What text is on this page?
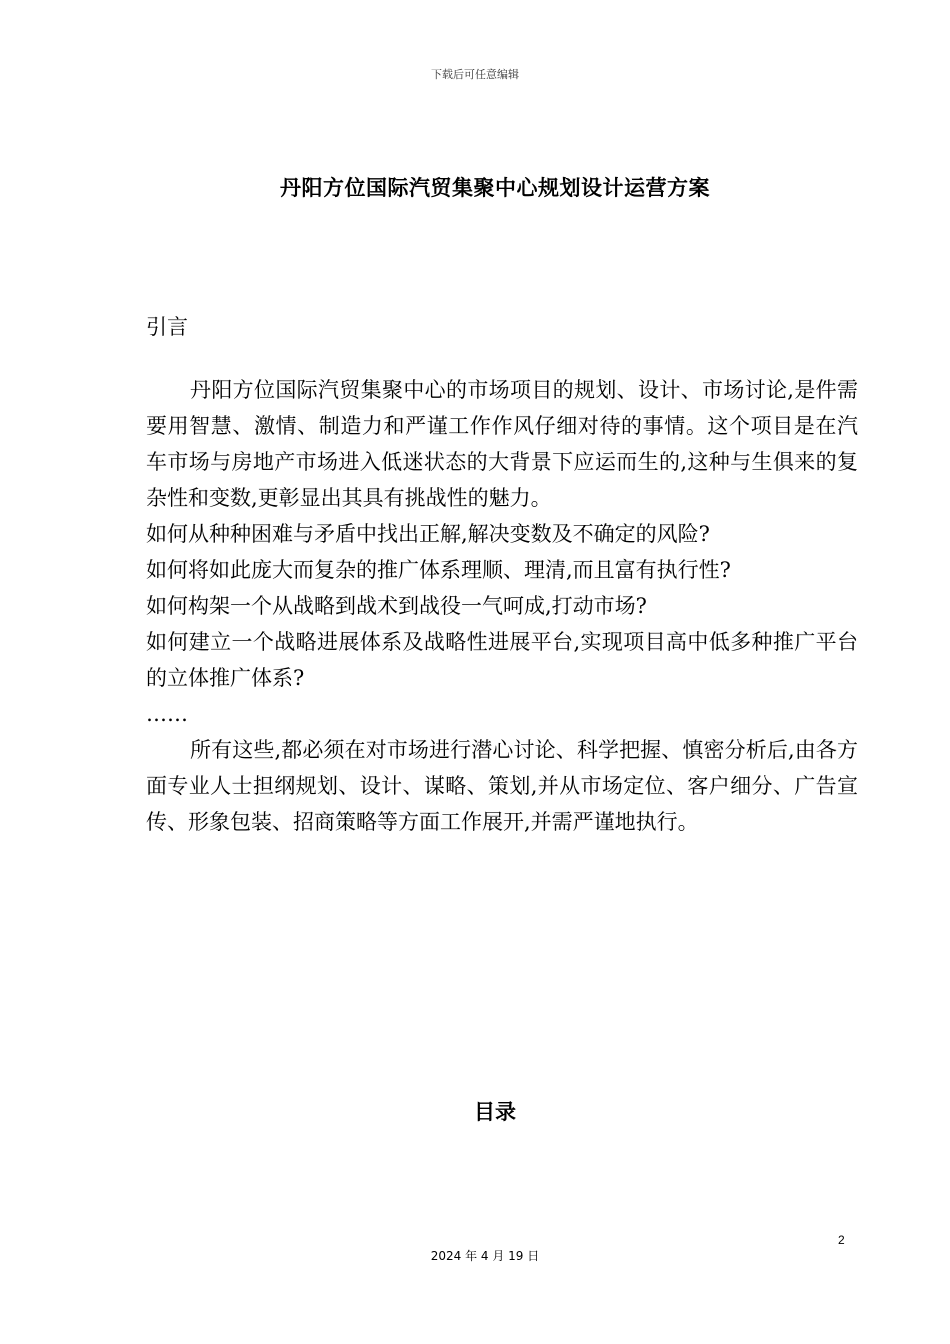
下载后可任意编辑
丹阳方位国际汽贸集聚中心规划设计运营方案
引言

丹阳方位国际汽贸集聚中心的市场项目的规划、设计、市场讨论,是件需要用智慧、激情、制造力和严谨工作作风仔细对待的事情。这个项目是在汽车市场与房地产市场进入低迷状态的大背景下应运而生的,这种与生俱来的复杂性和变数,更彰显出其具有挑战性的魅力。

如何从种种困难与矛盾中找出正解,解决变数及不确定的风险?

如何将如此庞大而复杂的推广体系理顺、理清,而且富有执行性?

如何构架一个从战略到战术到战役一气呵成,打动市场?

如何建立一个战略进展体系及战略性进展平台,实现项目高中低多种推广平台的立体推广体系?

……

所有这些,都必须在对市场进行潜心讨论、科学把握、慎密分析后,由各方面专业人士担纲规划、设计、谋略、策划,并从市场定位、客户细分、广告宣传、形象包装、招商策略等方面工作展开,并需严谨地执行。

目录
2
2024 年 4 月 19 日
